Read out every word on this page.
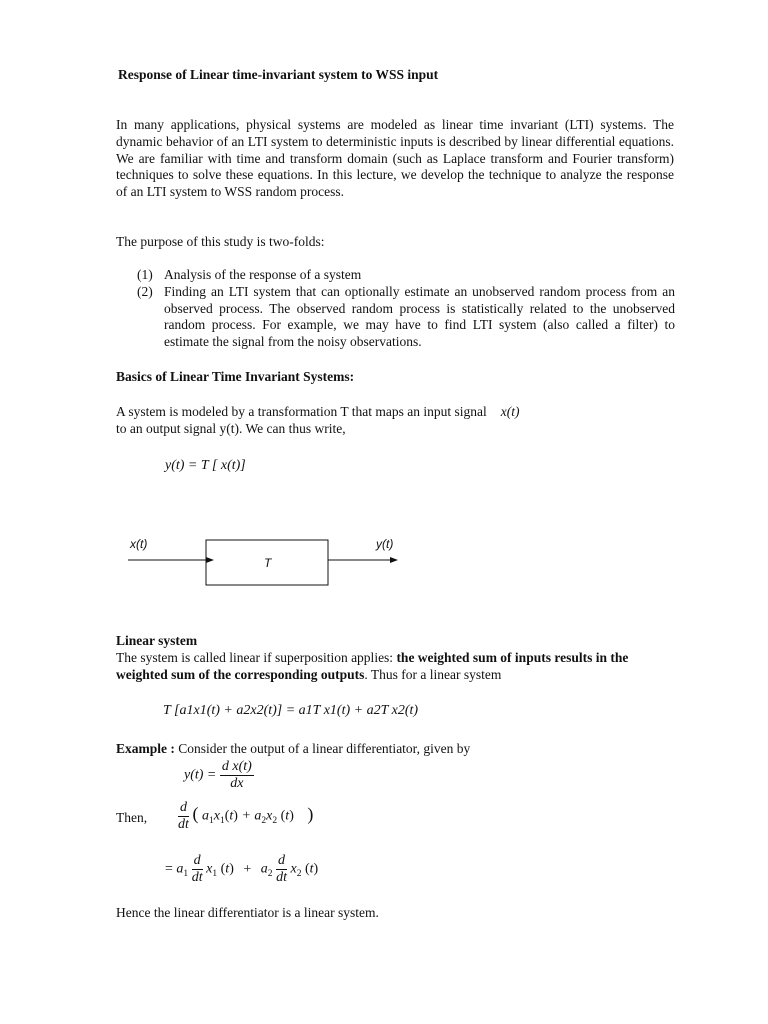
Response of Linear time-invariant system to WSS input

In many applications, physical systems are modeled as linear time invariant (LTI) systems. The dynamic behavior of an LTI system to deterministic inputs is described by linear differential equations. We are familiar with time and transform domain (such as Laplace transform and Fourier transform) techniques to solve these equations. In this lecture, we develop the technique to analyze the response of an LTI system to WSS random process.

The purpose of this study is two-folds:

(1) Analysis of the response of a system
(2) Finding an LTI system that can optionally estimate an unobserved random process from an observed process. The observed random process is statistically related to the unobserved random process. For example, we may have to find LTI system (also called a filter) to estimate the signal from the noisy observations.
Basics of Linear Time Invariant Systems:
A system is modeled by a transformation T that maps an input signal x(t)
to an output signal y(t). We can thus write,
y(t) = T [ x(t)]
x(t)
T
y(t)
Linear system

The system is called linear if superposition applies: the weighted sum of inputs results in the weighted sum of the corresponding outputs. Thus for a linear system

T [a1x1(t) + a2x2(t)] = a1T x1(t) + a2T x2(t)
Example : Consider the output of a linear differentiator, given by
$y(t) = \frac{\text{d x(t)}}{dx}$
Then, $\frac{d}{dt}$ ( $a_1x_1(t) + a_2x_2$ (t) )
= $a_1 \frac{d}{dt} x_1$ $(t) + a_2 \frac{d}{dt} x_2$ (t)

Hence the linear differentiator is a linear system.
